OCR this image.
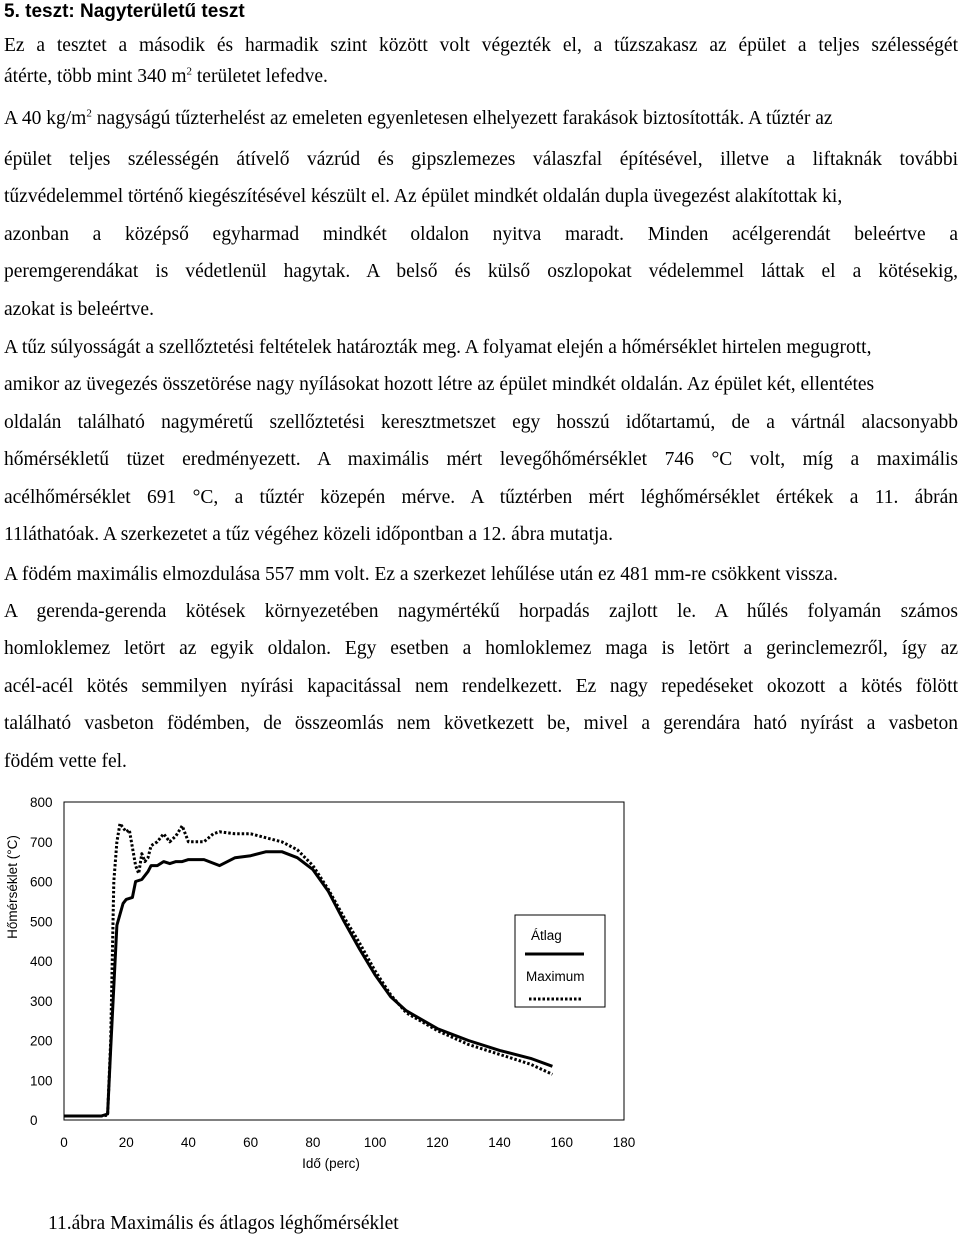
5. teszt: Nagyterületű teszt
Ez a tesztet a második és harmadik szint között volt végezték el, a tűzszakasz az épület a teljes szélességét
átérte, több mint 340 $m^2$ területet lefedve.
A 40 $kg/m^2$ nagyságú tűzterhelést az emeleten egyenletesen elhelyezett farakások biztosították. A tűztér az
épület teljes szélességén átívelő vázrúd és gipszlemezes válaszfal építésével, illetve a liftaknák további
tűzvédelemmel történő kiegészítésével készült el. Az épület mindkét oldalán dupla üvegezést alakítottak ki,
azonban a középső egyharmad mindkét oldalon nyitva maradt. Minden acélgerendát beleértve a
peremgerendákat is védetlenül hagytak. A belső és külső oszlopokat védelemmel láttak el a kötésekig,
azokat is beleértve.
A tűz súlyosságát a szellőztetési feltételek határozták meg. A folyamat elején a hőmérséklet hirtelen megugrott,
amikor az üvegezés összetörése nagy nyílásokat hozott létre az épület mindkét oldalán. Az épület két, ellentétes
oldalán található nagyméretű szellőztetési keresztmetszet egy hosszú időtartamú, de a vártnál alacsonyabb
hőmérsékletű tüzet eredményezett. A maximális mért levegőhőmérséklet 746 °C volt, míg a maximális
acélhőmérséklet 691 °C, a tűztér közepén mérve. A tűztérben mért léghőmérséklet értékek a 11. ábrán
11láthatóak. A szerkezetet a tűz végéhez közeli időpontban a 12. ábra mutatja.
A födém maximális elmozdulása 557 mm volt. Ez a szerkezet lehűlése után ez 481 mm-re csökkent vissza.
A gerenda-gerenda kötések környezetében nagymértékű horpadás zajlott le. A hűlés folyamán számos
homloklemez letört az egyik oldalon. Egy esetben a homloklemez maga is letört a gerinclemezről, így az
acél-acél kötés semmilyen nyírási kapacitással nem rendelkezett. Ez nagy repedéseket okozott a kötés fölött
található vasbeton födémben, de összeomlás nem következett be, mivel a gerendára ható nyírást a vasbeton
födém vette fel.
0
100
200
300
400
500
600
700
800
0	20	40	60	80	100	120	140	160	180
Hőmérséklet (°C)
Idő (perc)
Átlag
Maximum
11.ábra Maximális és átlagos léghőmérséklet
